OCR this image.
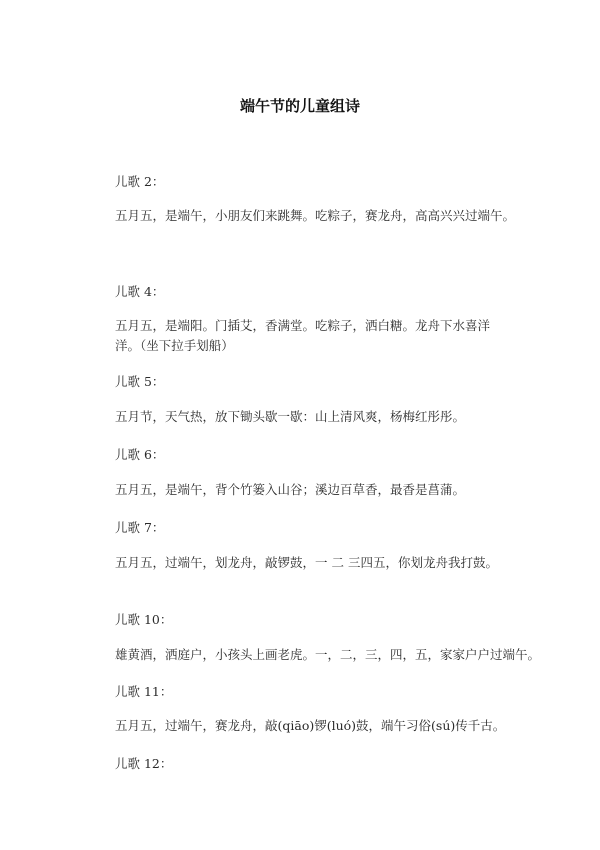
端午节的儿童组诗
儿歌 2：
五月五，是端午，小朋友们来跳舞。吃粽子，赛龙舟，高高兴兴过端午。
儿歌 4：
五月五，是端阳。门插艾，香满堂。吃粽子，洒白糖。龙舟下水喜洋洋。（坐下拉手划船）
儿歌 5：
五月节，天气热，放下锄头歇一歇：山上清风爽，杨梅红彤彤。
儿歌 6：
五月五，是端午，背个竹篓入山谷；溪边百草香，最香是菖蒲。
儿歌 7：
五月五，过端午，划龙舟，敲锣鼓，一 二 三四五，你划龙舟我打鼓。
儿歌 10：
雄黄酒，洒庭户，小孩头上画老虎。一，二，三，四，五，家家户户过端午。
儿歌 11：
五月五，过端午，赛龙舟，敲(qiāo)锣(luó)鼓，端午习俗(sú)传千古。
儿歌 12：
